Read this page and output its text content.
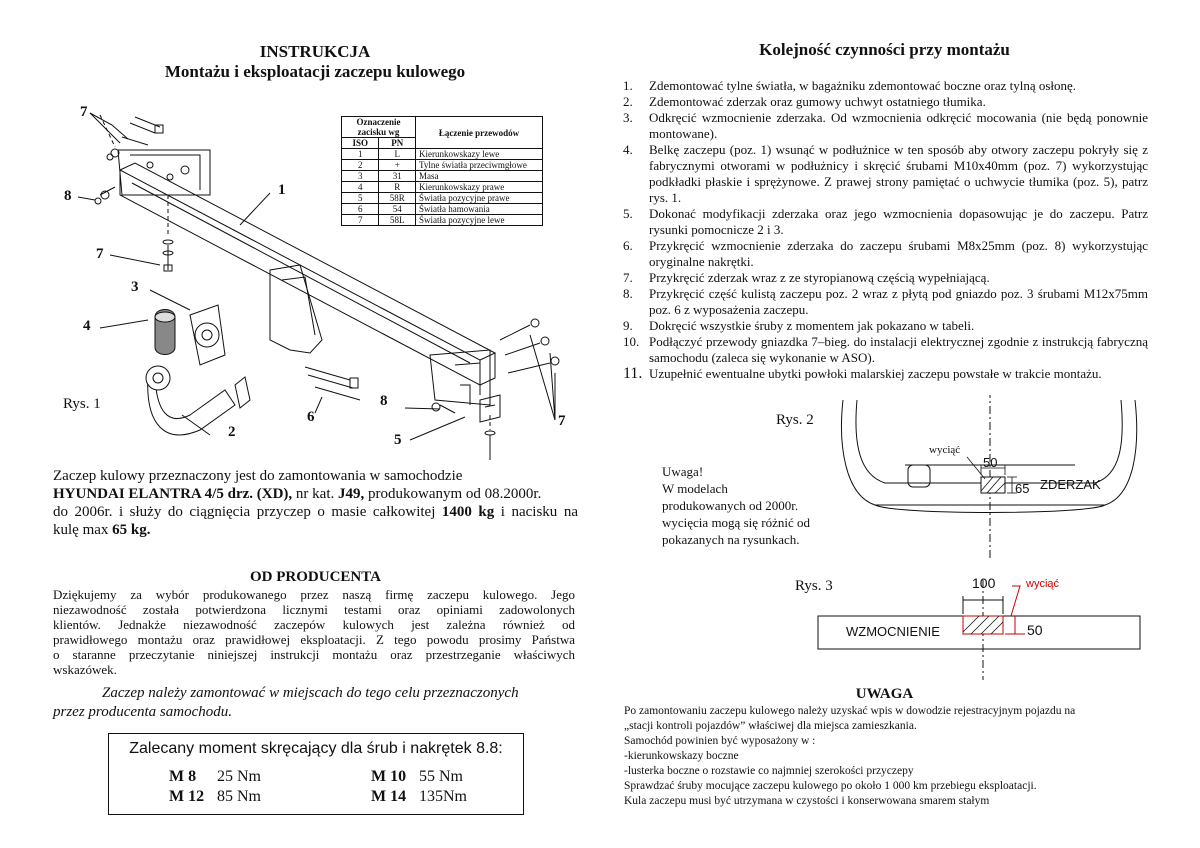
INSTRUKCJA
Montażu i eksploatacji zaczepu kulowego
Oznaczenie zacisku wg		Łączenie przewodów
ISO	PN	
1	L	Kierunkowskazy lewe
2	+	Tylne światła przeciwmgłowe
3	31	Masa
4	R	Kierunkowskazy prawe
5	58R	Światła pozycyjne prawe
6	54	Światła hamowania
7	58L	Światła pozycyjne lewe
7
8	1
7
3
4
2
6
8
5
7
Rys. 1
Zaczep kulowy przeznaczony jest do zamontowania w samochodzie
HYUNDAI ELANTRA 4/5 drz. (XD), nr kat. J49, produkowanym od 08.2000r.
do 2006r. i służy do ciągnięcia przyczep o masie całkowitej 1400 kg i nacisku na
kulę max 65 kg.
OD PRODUCENTA
Dziękujemy za wybór produkowanego przez naszą firmę zaczepu kulowego. Jego
niezawodność została potwierdzona licznymi testami oraz opiniami zadowolonych
klientów. Jednakże niezawodność zaczepów kulowych jest zależna również od
prawidłowego montażu oraz prawidłowej eksploatacji. Z tego powodu prosimy Państwa
o staranne przeczytanie niniejszej instrukcji montażu oraz przestrzeganie właściwych
wskazówek.
Zaczep należy zamontować w miejscach do tego celu przeznaczonych
przez producenta samochodu.
Zalecany moment skręcający dla śrub i nakrętek 8.8:
M 8 25 Nm	M 10 55 Nm
M 12 85 Nm	M 14 135Nm
Kolejność czynności przy montażu
1. Zdemontować tylne światła, w bagażniku zdemontować boczne oraz tylną osłonę.
2. Zdemontować zderzak oraz gumowy uchwyt ostatniego tłumika.
3. Odkręcić wzmocnienie zderzaka. Od wzmocnienia odkręcić mocowania (nie będą ponownie montowane).
4. Belkę zaczepu (poz. 1) wsunąć w podłużnice w ten sposób aby otwory zaczepu pokryły się z fabrycznymi otworami w podłużnicy i skręcić śrubami M10x40mm (poz. 7) wykorzystując podkładki płaskie i sprężynowe. Z prawej strony pamiętać o uchwycie tłumika (poz. 5), patrz rys. 1.
5. Dokonać modyfikacji zderzaka oraz jego wzmocnienia dopasowując je do zaczepu. Patrz rysunki pomocnicze 2 i 3.
6. Przykręcić wzmocnienie zderzaka do zaczepu śrubami M8x25mm (poz. 8) wykorzystując oryginalne nakrętki.
7. Przykręcić zderzak wraz z ze styropianową częścią wypełniającą.
8. Przykręcić część kulistą zaczepu poz. 2 wraz z płytą pod gniazdo poz. 3 śrubami M12x75mm poz. 6 z wyposażenia zaczepu.
9. Dokręcić wszystkie śruby z momentem jak pokazano w tabeli.
10. Podłączyć przewody gniazdka 7–bieg. do instalacji elektrycznej zgodnie z instrukcją fabryczną samochodu (zaleca się wykonanie w ASO).
11. Uzupełnić ewentualne ubytki powłoki malarskiej zaczepu powstałe w trakcie montażu.
Rys. 2
wyciąć
50
65 ZDERZAK
Uwaga!
W modelach
produkowanych od 2000r.
wycięcia mogą się różnić od
pokazanych na rysunkach.
Rys. 3	100	wyciąć
WZMOCNIENIE	50
UWAGA
Po zamontowaniu zaczepu kulowego należy uzyskać wpis w dowodzie rejestracyjnym pojazdu na
„stacji kontroli pojazdów” właściwej dla miejsca zamieszkania.
Samochód powinien być wyposażony w :
-kierunkowskazy boczne
-lusterka boczne o rozstawie co najmniej szerokości przyczepy
Sprawdzać śruby mocujące zaczepu kulowego po około 1 000 km przebiegu eksploatacji.
Kula zaczepu musi być utrzymana w czystości i konserwowana smarem stałym
